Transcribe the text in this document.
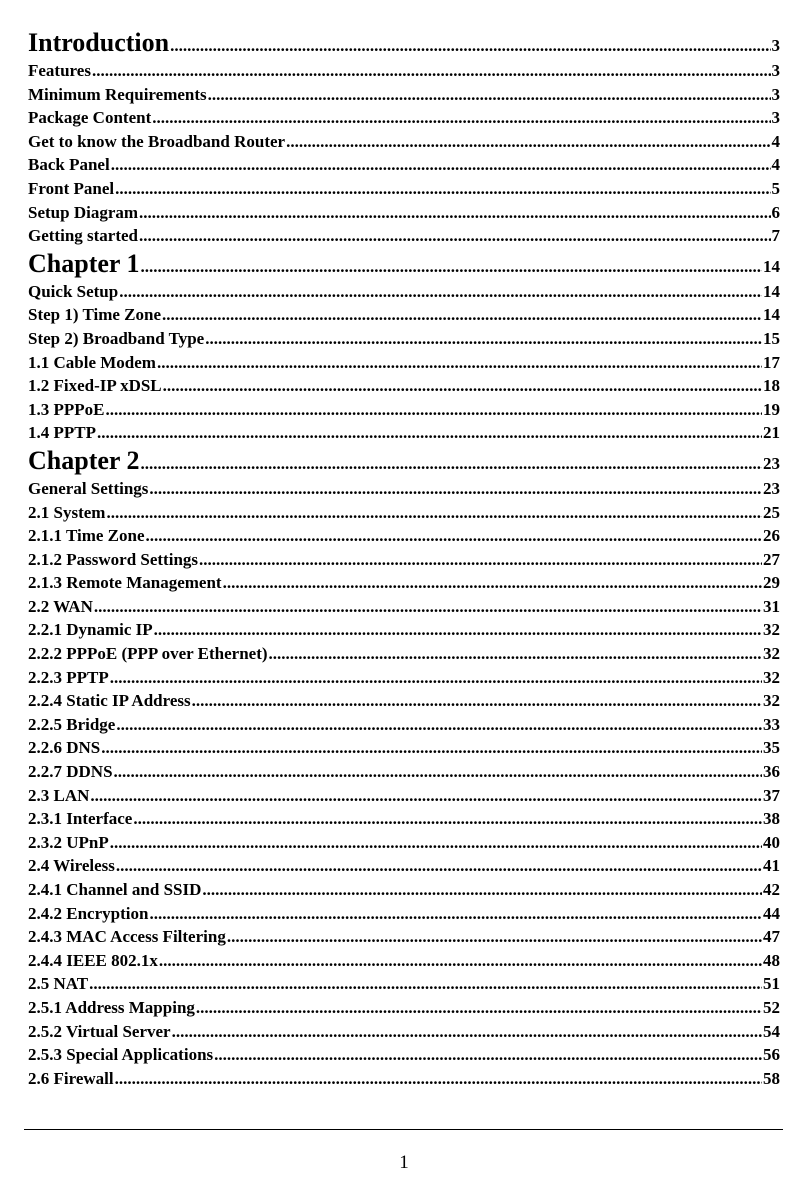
Introduction .....	3
Features .....	3
Minimum Requirements .....	3
Package Content .....	3
Get to know the Broadband Router .....	4
Back Panel .....	4
Front Panel .....	5
Setup Diagram .....	6
Getting started .....	7
Chapter 1 .....	14
Quick Setup .....	14
Step 1) Time Zone .....	14
Step 2) Broadband Type .....	15
1.1 Cable Modem .....	17
1.2 Fixed-IP xDSL .....	18
1.3 PPPoE .....	19
1.4 PPTP .....	21
Chapter 2 .....	23
General Settings .....	23
2.1 System .....	25
2.1.1 Time Zone .....	26
2.1.2 Password Settings .....	27
2.1.3 Remote Management .....	29
2.2 WAN .....	31
2.2.1 Dynamic IP .....	32
2.2.2 PPPoE (PPP over Ethernet) .....	32
2.2.3 PPTP .....	32
2.2.4 Static IP Address .....	32
2.2.5 Bridge .....	33
2.2.6 DNS .....	35
2.2.7 DDNS .....	36
2.3 LAN .....	37
2.3.1 Interface .....	38
2.3.2 UPnP .....	40
2.4 Wireless .....	41
2.4.1 Channel and SSID .....	42
2.4.2 Encryption .....	44
2.4.3 MAC Access Filtering .....	47
2.4.4 IEEE 802.1x .....	48
2.5 NAT .....	51
2.5.1 Address Mapping .....	52
2.5.2 Virtual Server .....	54
2.5.3 Special Applications .....	56
2.6 Firewall .....	58
1
